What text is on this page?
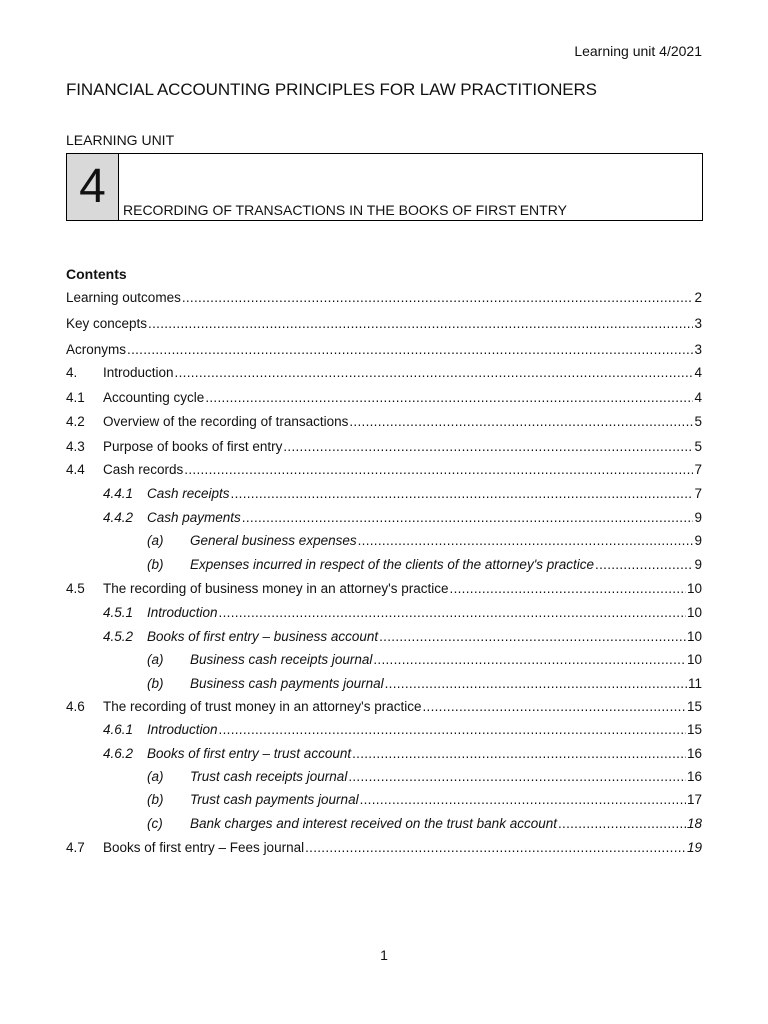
Learning unit 4/2021
FINANCIAL ACCOUNTING PRINCIPLES FOR LAW PRACTITIONERS
LEARNING UNIT
4	RECORDING OF TRANSACTIONS IN THE BOOKS OF FIRST ENTRY
Contents
Learning outcomes .....	2
Key concepts .....	3
Acronyms .....	3
4.	Introduction .....	4
4.1	Accounting cycle .....	4
4.2	Overview of the recording of transactions .....	5
4.3	Purpose of books of first entry .....	5
4.4	Cash records .....	7
4.4.1	Cash receipts .....	7
4.4.2	Cash payments .....	9
(a)	General business expenses .....	9
(b)	Expenses incurred in respect of the clients of the attorney's practice .....	9
4.5	The recording of business money in an attorney's practice .....	10
4.5.1	Introduction .....	10
4.5.2	Books of first entry – business account .....	10
(a)	Business cash receipts journal .....	10
(b)	Business cash payments journal .....	11
4.6	The recording of trust money in an attorney's practice .....	15
4.6.1	Introduction .....	15
4.6.2	Books of first entry – trust account .....	16
(a)	Trust cash receipts journal .....	16
(b)	Trust cash payments journal .....	17
(c)	Bank charges and interest received on the trust bank account .....	18
4.7	Books of first entry – Fees journal .....	19
1
